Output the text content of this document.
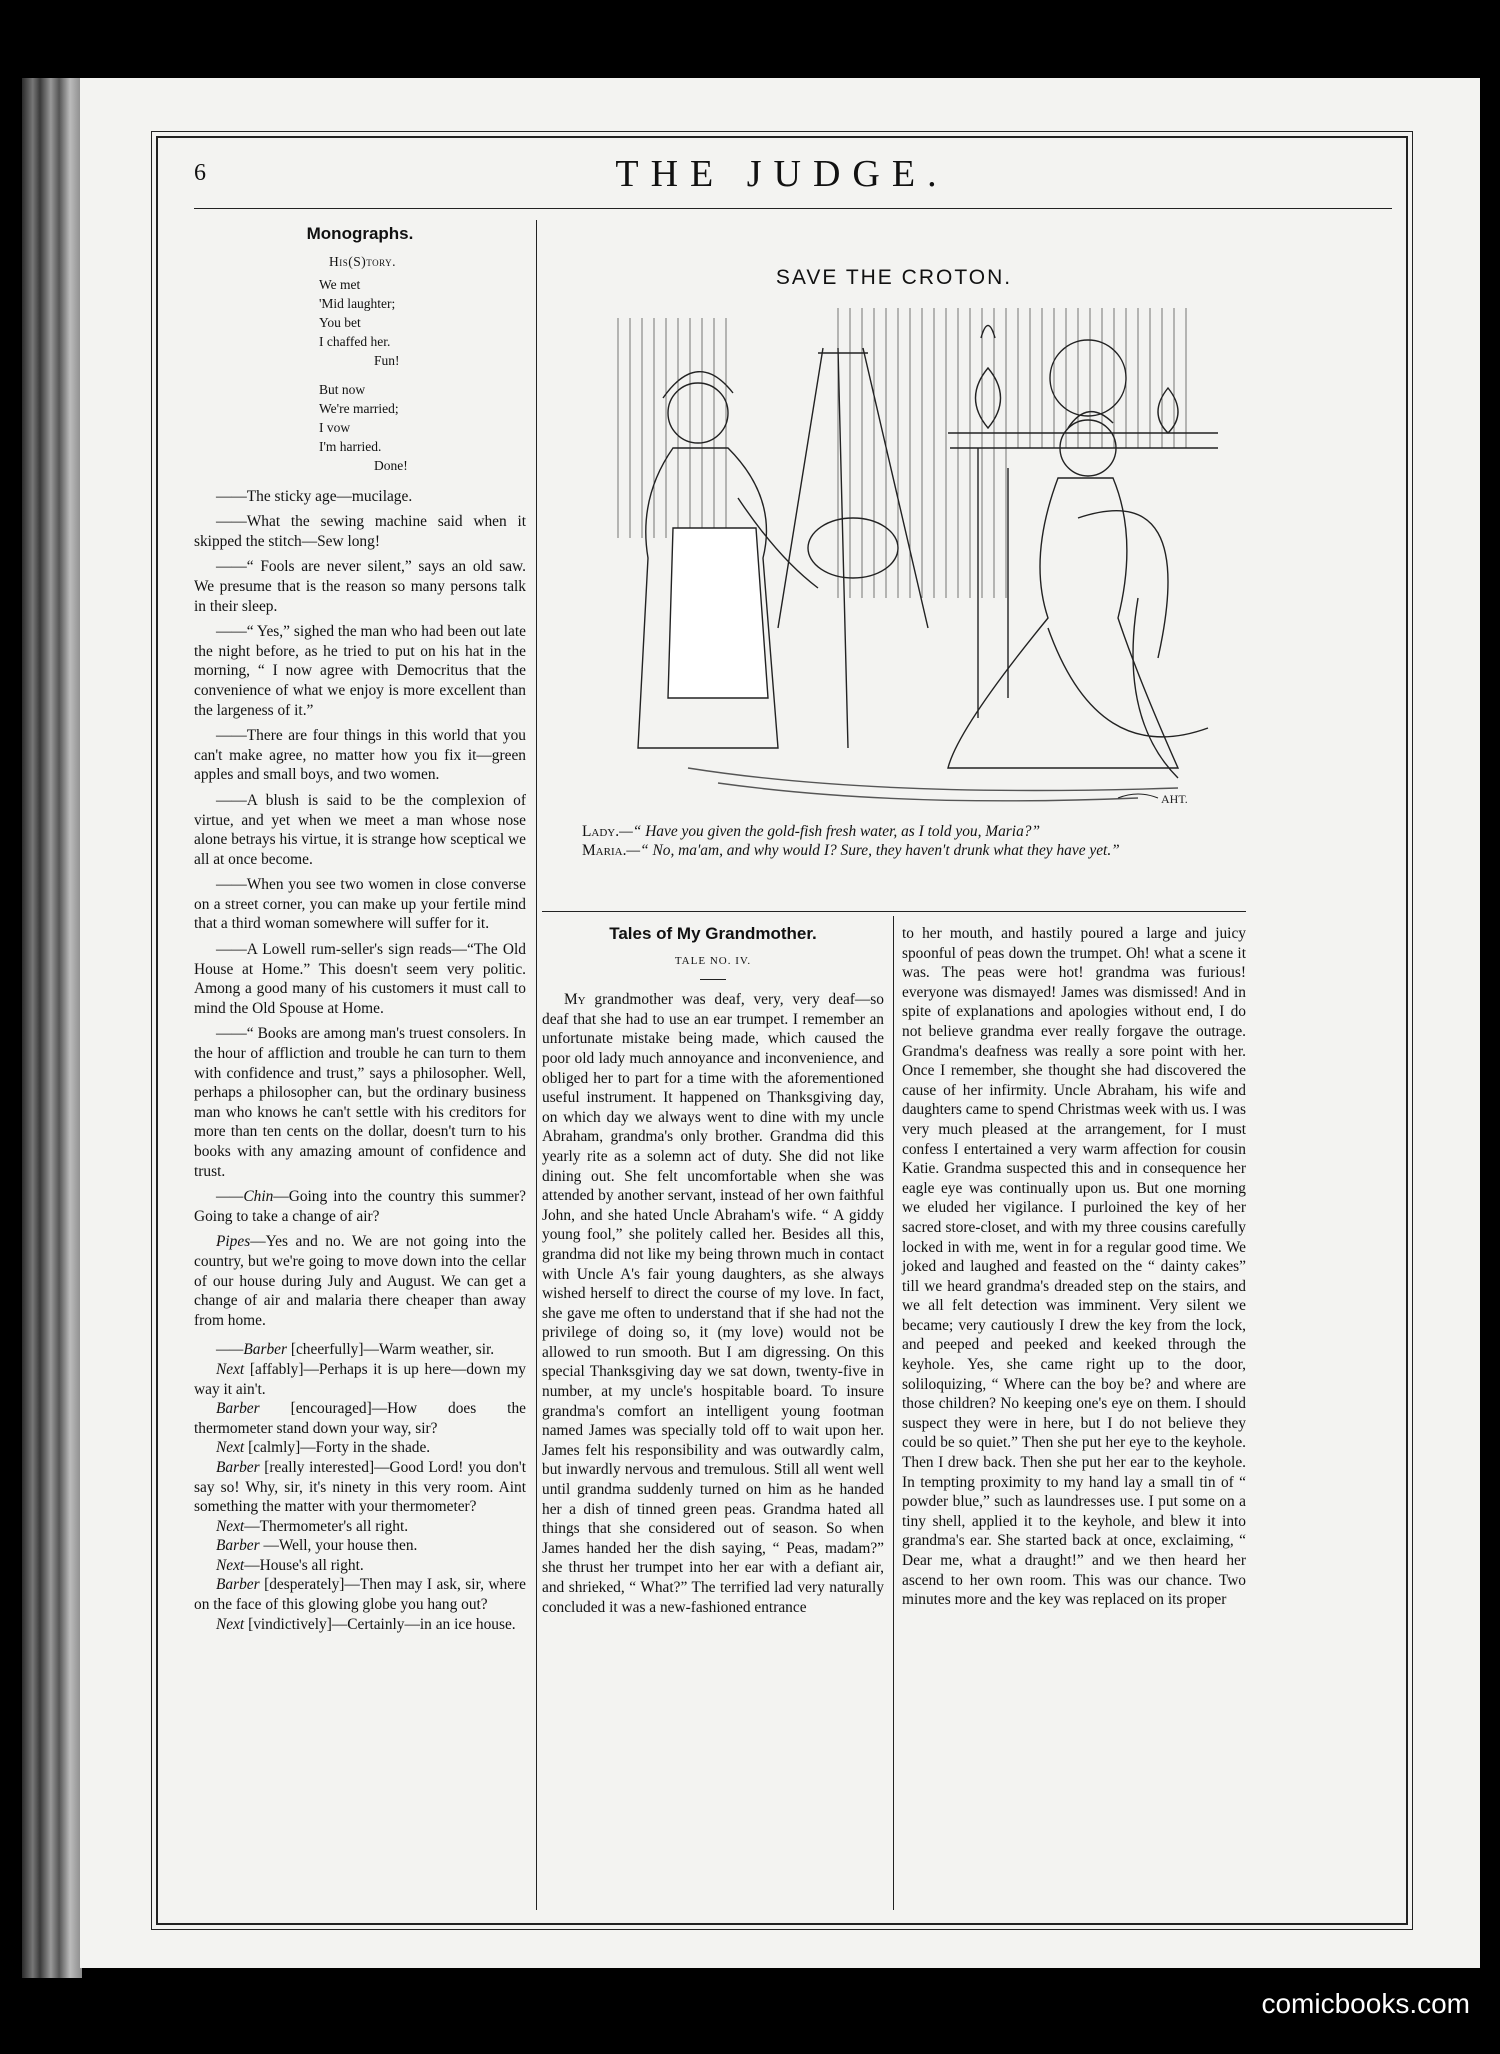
6	THE JUDGE.
Monographs.
His(S)tory.
We met
'Mid laughter;
You bet
I chaffed her.
Fun!
But now
We're married;
I vow
I'm harried.
Done!

——The sticky age—mucilage.

——What the sewing machine said when it skipped the stitch—Sew long!

——“ Fools are never silent,” says an old saw. We presume that is the reason so many persons talk in their sleep.

——“ Yes,” sighed the man who had been out late the night before, as he tried to put on his hat in the morning, “ I now agree with Democritus that the convenience of what we enjoy is more excellent than the largeness of it.”

——There are four things in this world that you can't make agree, no matter how you fix it—green apples and small boys, and two women.

——A blush is said to be the complexion of virtue, and yet when we meet a man whose nose alone betrays his virtue, it is strange how sceptical we all at once become.

——When you see two women in close converse on a street corner, you can make up your fertile mind that a third woman somewhere will suffer for it.

——A Lowell rum-seller's sign reads—“The Old House at Home.” This doesn't seem very politic. Among a good many of his customers it must call to mind the Old Spouse at Home.

——“ Books are among man's truest consolers. In the hour of affliction and trouble he can turn to them with confidence and trust,” says a philosopher. Well, perhaps a philosopher can, but the ordinary business man who knows he can't settle with his creditors for more than ten cents on the dollar, doesn't turn to his books with any amazing amount of confidence and trust.

——Chin—Going into the country this summer? Going to take a change of air?

Pipes—Yes and no. We are not going into the country, but we're going to move down into the cellar of our house during July and August. We can get a change of air and malaria there cheaper than away from home.

——Barber [cheerfully]—Warm weather, sir.

Next [affably]—Perhaps it is up here—down my way it ain't.

Barber [encouraged]—How does the thermometer stand down your way, sir?

Next [calmly]—Forty in the shade.

Barber [really interested]—Good Lord! you don't say so! Why, sir, it's ninety in this very room. Aint something the matter with your thermometer?

Next—Thermometer's all right.

Barber —Well, your house then.

Next—House's all right.

Barber [desperately]—Then may I ask, sir, where on the face of this glowing globe you hang out?

Next [vindictively]—Certainly—in an ice house.

SAVE THE CROTON.
AHT.
Lady.—“ Have you given the gold-fish fresh water, as I told you, Maria?”
Maria.—“ No, ma'am, and why would I? Sure, they haven't drunk what they have yet.”
Tales of My Grandmother.
TALE NO. IV.

My grandmother was deaf, very, very deaf—so deaf that she had to use an ear trumpet. I remember an unfortunate mistake being made, which caused the poor old lady much annoyance and inconvenience, and obliged her to part for a time with the aforementioned useful instrument. It happened on Thanksgiving day, on which day we always went to dine with my uncle Abraham, grandma's only brother. Grandma did this yearly rite as a solemn act of duty. She did not like dining out. She felt uncomfortable when she was attended by another servant, instead of her own faithful John, and she hated Uncle Abraham's wife. “ A giddy young fool,” she politely called her. Besides all this, grandma did not like my being thrown much in contact with Uncle A's fair young daughters, as she always wished herself to direct the course of my love. In fact, she gave me often to understand that if she had not the privilege of doing so, it (my love) would not be allowed to run smooth. But I am digressing. On this special Thanksgiving day we sat down, twenty-five in number, at my uncle's hospitable board. To insure grandma's comfort an intelligent young footman named James was specially told off to wait upon her. James felt his responsibility and was outwardly calm, but inwardly nervous and tremulous. Still all went well until grandma suddenly turned on him as he handed her a dish of tinned green peas. Grandma hated all things that she considered out of season. So when James handed her the dish saying, “ Peas, madam?” she thrust her trumpet into her ear with a defiant air, and shrieked, “ What?” The terrified lad very naturally concluded it was a new-fashioned entrance

to her mouth, and hastily poured a large and juicy spoonful of peas down the trumpet. Oh! what a scene it was. The peas were hot! grandma was furious! everyone was dismayed! James was dismissed! And in spite of explanations and apologies without end, I do not believe grandma ever really forgave the outrage. Grandma's deafness was really a sore point with her. Once I remember, she thought she had discovered the cause of her infirmity. Uncle Abraham, his wife and daughters came to spend Christmas week with us. I was very much pleased at the arrangement, for I must confess I entertained a very warm affection for cousin Katie. Grandma suspected this and in consequence her eagle eye was continually upon us. But one morning we eluded her vigilance. I purloined the key of her sacred store-closet, and with my three cousins carefully locked in with me, went in for a regular good time. We joked and laughed and feasted on the “ dainty cakes” till we heard grandma's dreaded step on the stairs, and we all felt detection was imminent. Very silent we became; very cautiously I drew the key from the lock, and peeped and peeked and keeked through the keyhole. Yes, she came right up to the door, soliloquizing, “ Where can the boy be? and where are those children? No keeping one's eye on them. I should suspect they were in here, but I do not believe they could be so quiet.” Then she put her eye to the keyhole. Then I drew back. Then she put her ear to the keyhole. In tempting proximity to my hand lay a small tin of “ powder blue,” such as laundresses use. I put some on a tiny shell, applied it to the keyhole, and blew it into grandma's ear. She started back at once, exclaiming, “ Dear me, what a draught!” and we then heard her ascend to her own room. This was our chance. Two minutes more and the key was replaced on its proper

comicbooks.com
